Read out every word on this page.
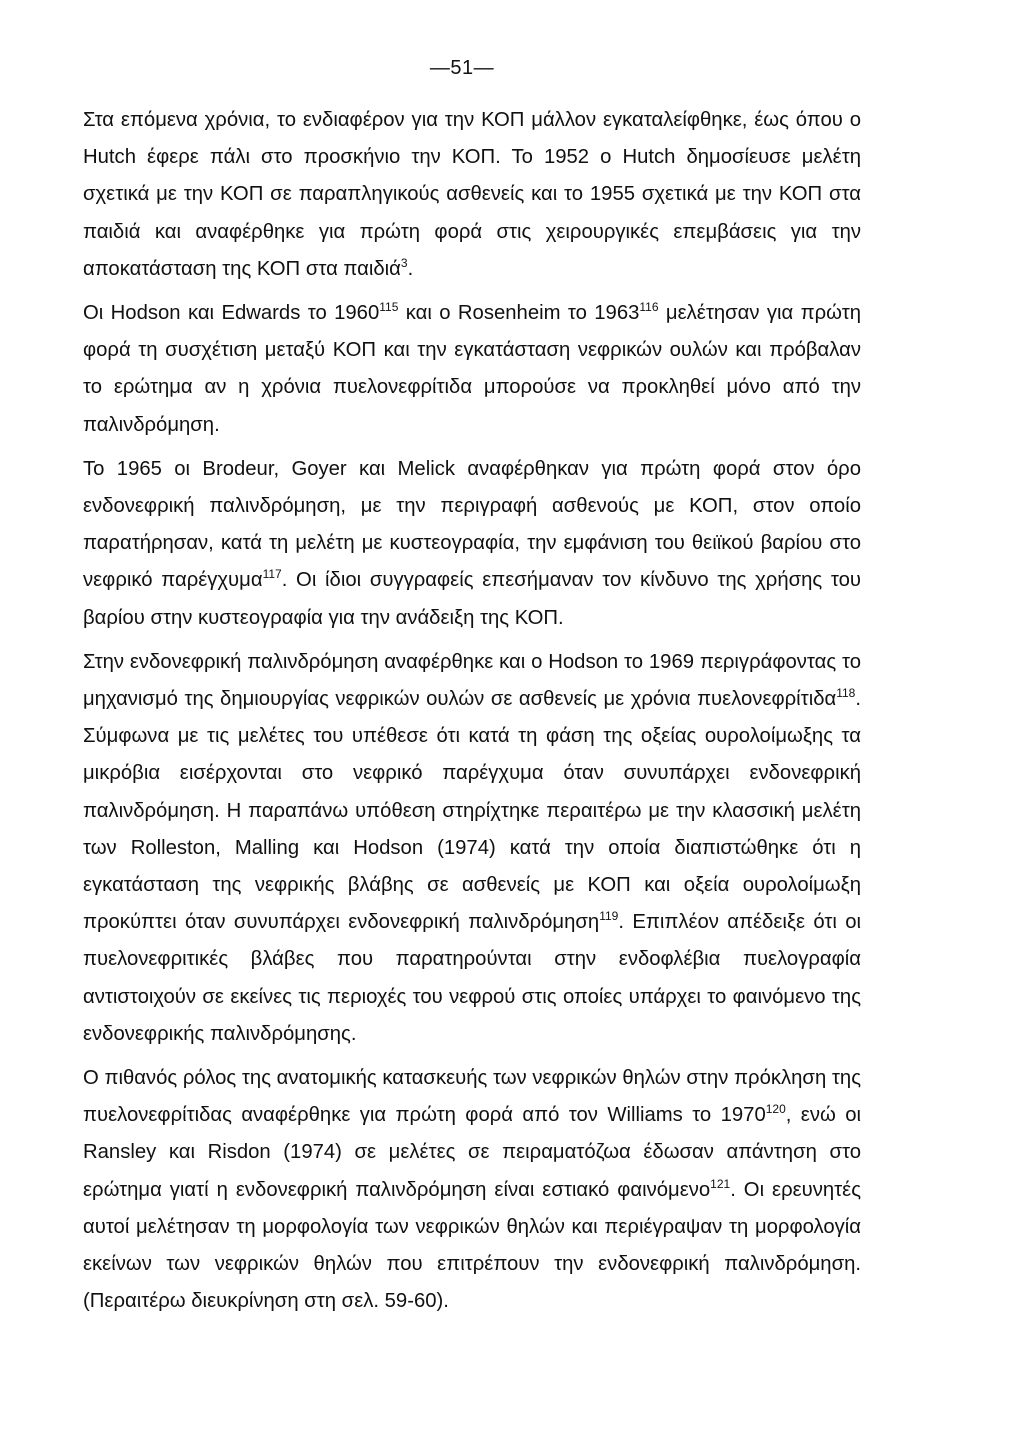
—51—

Στα επόμενα χρόνια, το ενδιαφέρον για την ΚΟΠ μάλλον εγκαταλείφθηκε, έως όπου ο Hutch έφερε πάλι στο προσκήνιο την ΚΟΠ. Το 1952 ο Hutch δημοσίευσε μελέτη σχετικά με την ΚΟΠ σε παραπληγικούς ασθενείς και το 1955 σχετικά με την ΚΟΠ στα παιδιά και αναφέρθηκε για πρώτη φορά στις χειρουργικές επεμβάσεις για την αποκατάσταση της ΚΟΠ στα παιδιά$^3$.

Οι Hodson και Edwards το 1960$^{115}$ και ο Rosenheim το 1963$^{116}$ μελέτησαν για πρώτη φορά τη συσχέτιση μεταξύ ΚΟΠ και την εγκατάσταση νεφρικών ουλών και πρόβαλαν το ερώτημα αν η χρόνια πυελονεφρίτιδα μπορούσε να προκληθεί μόνο από την παλινδρόμηση.

Το 1965 οι Brodeur, Goyer και Melick αναφέρθηκαν για πρώτη φορά στον όρο ενδονεφρική παλινδρόμηση, με την περιγραφή ασθενούς με ΚΟΠ, στον οποίο παρατήρησαν, κατά τη μελέτη με κυστεογραφία, την εμφάνιση του θειϊκού βαρίου στο νεφρικό παρέγχυμα$^{117}$. Οι ίδιοι συγγραφείς επεσήμαναν τον κίνδυνο της χρήσης του βαρίου στην κυστεογραφία για την ανάδειξη της ΚΟΠ.

Στην ενδονεφρική παλινδρόμηση αναφέρθηκε και ο Hodson το 1969 περιγράφοντας το μηχανισμό της δημιουργίας νεφρικών ουλών σε ασθενείς με χρόνια πυελονεφρίτιδα$^{118}$. Σύμφωνα με τις μελέτες του υπέθεσε ότι κατά τη φάση της οξείας ουρολοίμωξης τα μικρόβια εισέρχονται στο νεφρικό παρέγχυμα όταν συνυπάρχει ενδονεφρική παλινδρόμηση. Η παραπάνω υπόθεση στηρίχτηκε περαιτέρω με την κλασσική μελέτη των Rolleston, Malling και Hodson (1974) κατά την οποία διαπιστώθηκε ότι η εγκατάσταση της νεφρικής βλάβης σε ασθενείς με ΚΟΠ και οξεία ουρολοίμωξη προκύπτει όταν συνυπάρχει ενδονεφρική παλινδρόμηση$^{119}$. Επιπλέον απέδειξε ότι οι πυελονεφριτικές βλάβες που παρατηρούνται στην ενδοφλέβια πυελογραφία αντιστοιχούν σε εκείνες τις περιοχές του νεφρού στις οποίες υπάρχει το φαινόμενο της ενδονεφρικής παλινδρόμησης.

Ο πιθανός ρόλος της ανατομικής κατασκευής των νεφρικών θηλών στην πρόκληση της πυελονεφρίτιδας αναφέρθηκε για πρώτη φορά από τον Williams το 1970$^{120}$, ενώ οι Ransley και Risdon (1974) σε μελέτες σε πειραματόζωα έδωσαν απάντηση στο ερώτημα γιατί η ενδονεφρική παλινδρόμηση είναι εστιακό φαινόμενο$^{121}$. Οι ερευνητές αυτοί μελέτησαν τη μορφολογία των νεφρικών θηλών και περιέγραψαν τη μορφολογία εκείνων των νεφρικών θηλών που επιτρέπουν την ενδονεφρική παλινδρόμηση. (Περαιτέρω διευκρίνηση στη σελ. 59-60).
